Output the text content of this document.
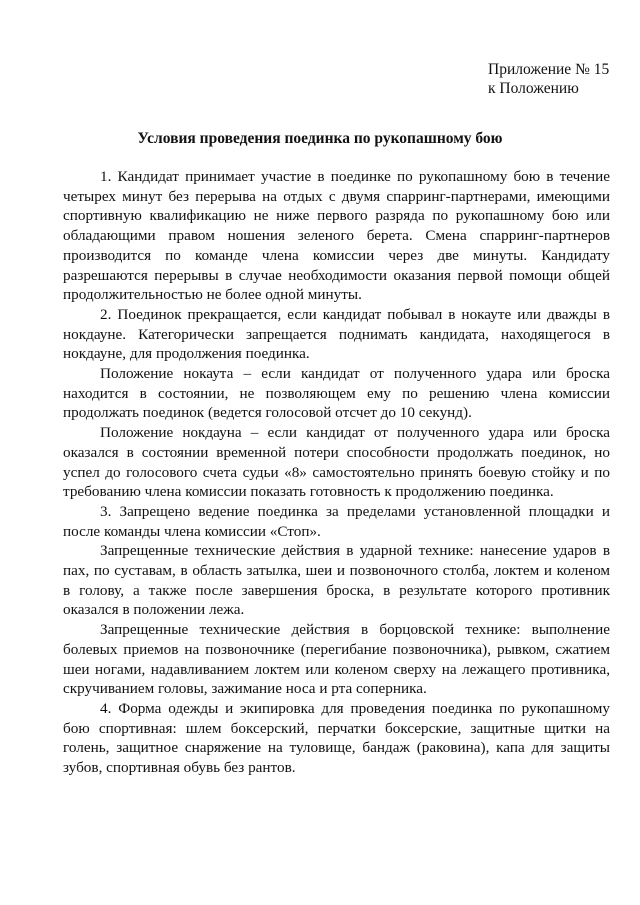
Приложение № 15
к Положению
Условия проведения поединка по рукопашному бою

1. Кандидат принимает участие в поединке по рукопашному бою в течение четырех минут без перерыва на отдых с двумя спарринг-партнерами, имеющими спортивную квалификацию не ниже первого разряда по рукопашному бою или обладающими правом ношения зеленого берета. Смена спарринг-партнеров производится по команде члена комиссии через две минуты. Кандидату разрешаются перерывы в случае необходимости оказания первой помощи общей продолжительностью не более одной минуты.

2. Поединок прекращается, если кандидат побывал в нокауте или дважды в нокдауне. Категорически запрещается поднимать кандидата, находящегося в нокдауне, для продолжения поединка.

Положение нокаута – если кандидат от полученного удара или броска находится в состоянии, не позволяющем ему по решению члена комиссии продолжать поединок (ведется голосовой отсчет до 10 секунд).

Положение нокдауна – если кандидат от полученного удара или броска оказался в состоянии временной потери способности продолжать поединок, но успел до голосового счета судьи «8» самостоятельно принять боевую стойку и по требованию члена комиссии показать готовность к продолжению поединка.

3. Запрещено ведение поединка за пределами установленной площадки и после команды члена комиссии «Стоп».

Запрещенные технические действия в ударной технике: нанесение ударов в пах, по суставам, в область затылка, шеи и позвоночного столба, локтем и коленом в голову, а также после завершения броска, в результате которого противник оказался в положении лежа.

Запрещенные технические действия в борцовской технике: выполнение болевых приемов на позвоночнике (перегибание позвоночника), рывком, сжатием шеи ногами, надавливанием локтем или коленом сверху на лежащего противника, скручиванием головы, зажимание носа и рта соперника.

4. Форма одежды и экипировка для проведения поединка по рукопашному бою спортивная: шлем боксерский, перчатки боксерские, защитные щитки на голень, защитное снаряжение на туловище, бандаж (раковина), капа для защиты зубов, спортивная обувь без рантов.
